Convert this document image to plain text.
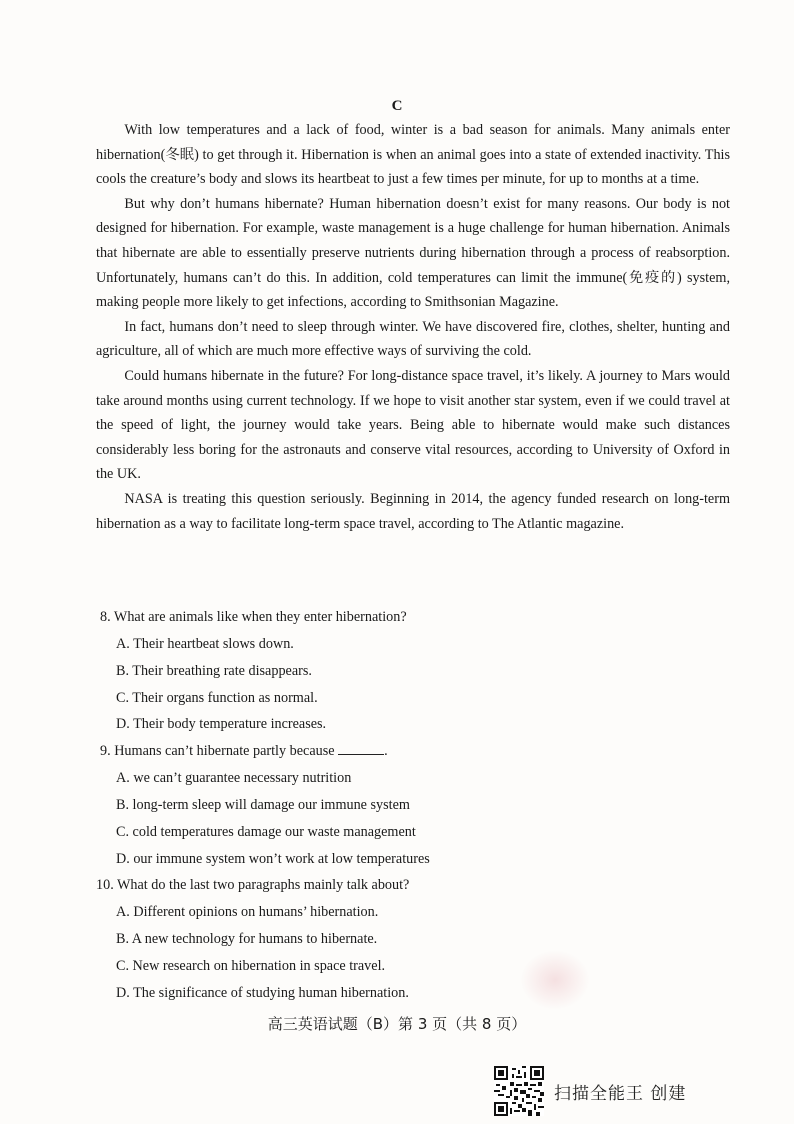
C

With low temperatures and a lack of food, winter is a bad season for animals. Many animals enter hibernation(冬眠) to get through it. Hibernation is when an animal goes into a state of extended inactivity. This cools the creature’s body and slows its heartbeat to just a few times per minute, for up to months at a time.

But why don’t humans hibernate? Human hibernation doesn’t exist for many reasons. Our body is not designed for hibernation. For example, waste management is a huge challenge for human hibernation. Animals that hibernate are able to essentially preserve nutrients during hibernation through a process of reabsorption. Unfortunately, humans can’t do this. In addition, cold temperatures can limit the immune(免疫的) system, making people more likely to get infections, according to Smithsonian Magazine.

In fact, humans don’t need to sleep through winter. We have discovered fire, clothes, shelter, hunting and agriculture, all of which are much more effective ways of surviving the cold.

Could humans hibernate in the future? For long-distance space travel, it’s likely. A journey to Mars would take around months using current technology. If we hope to visit another star system, even if we could travel at the speed of light, the journey would take years. Being able to hibernate would make such distances considerably less boring for the astronauts and conserve vital resources, according to University of Oxford in the UK.

NASA is treating this question seriously. Beginning in 2014, the agency funded research on long-term hibernation as a way to facilitate long-term space travel, according to The Atlantic magazine.

8. What are animals like when they enter hibernation?

A. Their heartbeat slows down.

B. Their breathing rate disappears.

C. Their organs function as normal.

D. Their body temperature increases.

9. Humans can’t hibernate partly because	.

A. we can’t guarantee necessary nutrition

B. long-term sleep will damage our immune system

C. cold temperatures damage our waste management

D. our immune system won’t work at low temperatures

10. What do the last two paragraphs mainly talk about?

A. Different opinions on humans’ hibernation.

B. A new technology for humans to hibernate.

C. New research on hibernation in space travel.

D. The significance of studying human hibernation.

高三英语试题（B）第 3 页（共 8 页）
扫描全能王 创建
